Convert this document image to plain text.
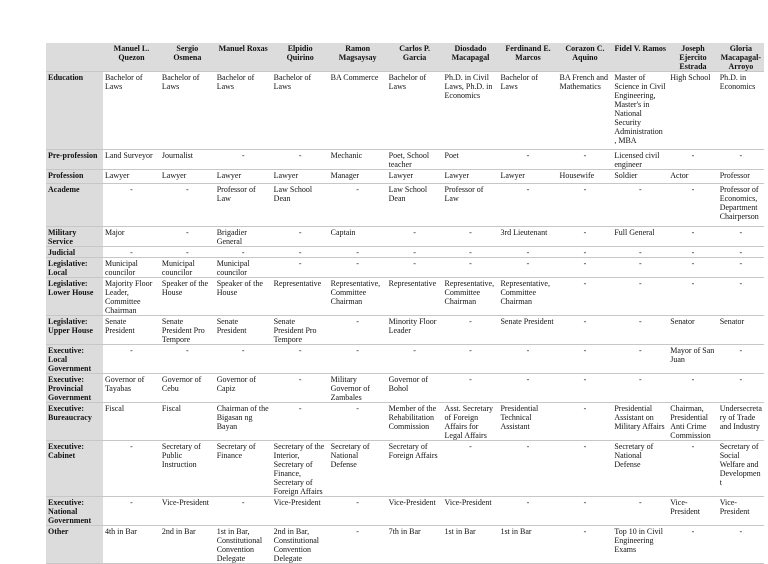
	Manuel L. Quezon	Sergio Osmena	Manuel Roxas	Elpidio Quirino	Ramon Magsaysay	Carlos P. Garcia	Diosdado Macapagal	Ferdinand E. Marcos	Corazon C. Aquino	Fidel V. Ramos	Joseph Ejercito Estrada	Gloria Macapagal-Arroyo
Education	Bachelor of Laws	Bachelor of Laws	Bachelor of Laws	Bachelor of Laws	BA Commerce	Bachelor of Laws	Ph.D. in Civil Laws, Ph.D. in Economics	Bachelor of Laws	BA French and Mathematics	Master of Science in Civil Engineering, Master's in National Security Administration , MBA	High School	Ph.D. in Economics
Pre-profession	Land Surveyor	Journalist	-	-	Mechanic	Poet, School teacher	Poet	-	-	Licensed civil engineer	-	-
Profession	Lawyer	Lawyer	Lawyer	Lawyer	Manager	Lawyer	Lawyer	Lawyer	Housewife	Soldier	Actor	Professor
Academe	-	-	Professor of Law	Law School Dean	-	Law School Dean	Professor of Law	-	-	-	-	Professor of Economics, Department Chairperson
Military Service	Major	-	Brigadier General	-	Captain	-	-	3rd Lieutenant	-	Full General	-	-
Judicial	-	-	-	-	-	-	-	-	-	-	-	-
Legislative: Local	Municipal councilor	Municipal councilor	Municipal councilor	-	-	-	-	-	-	-	-	-
Legislative: Lower House	Majority Floor Leader, Committee Chairman	Speaker of the House	Speaker of the House	Representative	Representative, Committee Chairman	Representative	Representative, Committee Chairman	Representative, Committee Chairman	-	-	-	-
Legislative: Upper House	Senate President	Senate President Pro Tempore	Senate President	Senate President Pro Tempore	-	Minority Floor Leader	-	Senate President	-	-	Senator	Senator
Executive: Local Government	-	-	-	-	-	-	-	-	-	-	Mayor of San Juan	-
Executive: Provincial Government	Governor of Tayabas	Governor of Cebu	Governor of Capiz	-	Military Governor of Zambales	Governor of Bohol	-	-	-	-	-	-
Executive: Bureaucracy	Fiscal	Fiscal	Chairman of the Bigasan ng Bayan	-	-	Member of the Rehabilitation Commission	Asst. Secretary of Foreign Affairs for Legal Affairs	Presidential Technical Assistant	-	Presidential Assistant on Military Affairs	Chairman, Presidential Anti Crime Commission	Undersecretary of Trade and Industry
Executive: Cabinet	-	Secretary of Public Instruction	Secretary of Finance	Secretary of the Interior, Secretary of Finance, Secretary of Foreign Affairs	Secretary of National Defense	Secretary of Foreign Affairs	-	-	-	Secretary of National Defense	-	Secretary of Social Welfare and Development
Executive: National Government	-	Vice-President	-	Vice-President	-	Vice-President	Vice-President	-	-	-	Vice-President	Vice-President
Other	4th in Bar	2nd in Bar	1st in Bar, Constitutional Convention Delegate	2nd in Bar, Constitutional Convention Delegate	-	7th in Bar	1st in Bar	1st in Bar	-	Top 10 in Civil Engineering Exams	-	-
